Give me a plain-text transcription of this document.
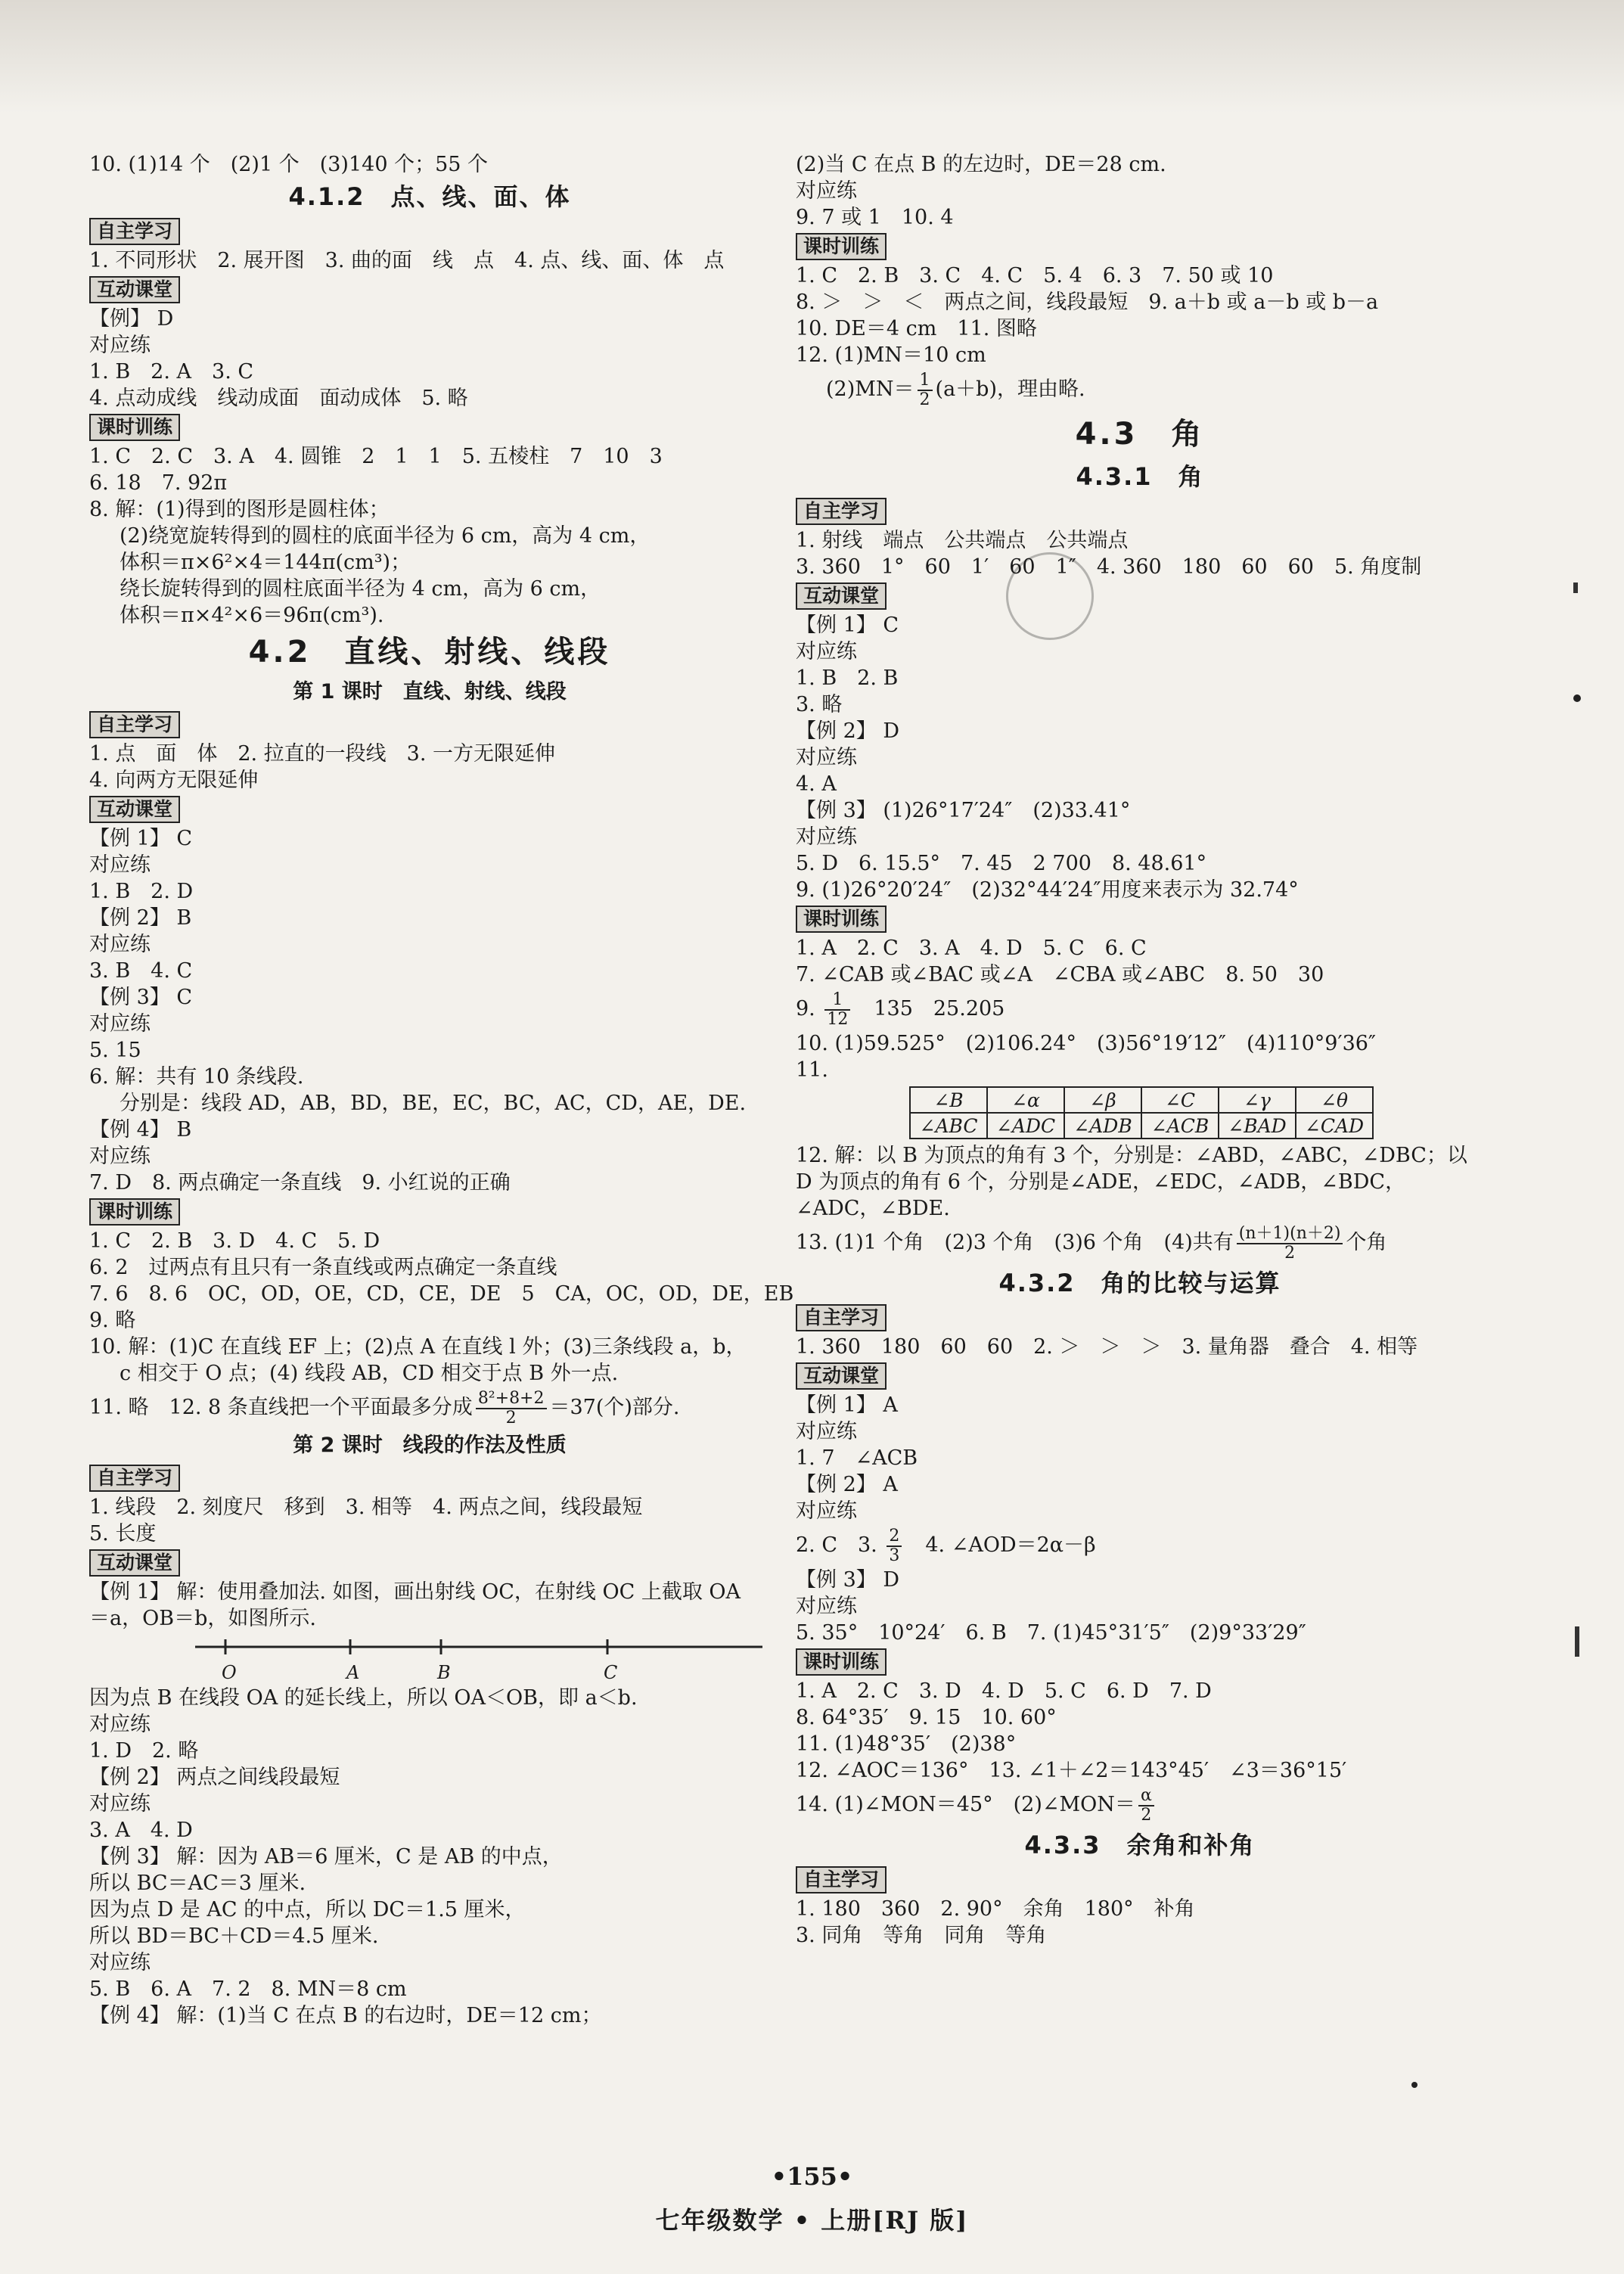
10. (1)14 个　(2)1 个　(3)140 个；55 个
4.1.2　点、线、面、体
自主学习
1. 不同形状　2. 展开图　3. 曲的面　线　点　4. 点、线、面、体　点
互动课堂
【例】 D
对应练
1. B　2. A　3. C
4. 点动成线　线动成面　面动成体　5. 略
课时训练
1. C　2. C　3. A　4. 圆锥　2　1　1　5. 五棱柱　7　10　3
6. 18　7. 92π
8. 解：(1)得到的图形是圆柱体；
(2)绕宽旋转得到的圆柱的底面半径为 6 cm，高为 4 cm，
体积＝π×6²×4＝144π(cm³)；
绕长旋转得到的圆柱底面半径为 4 cm，高为 6 cm，
体积＝π×4²×6＝96π(cm³).
4.2　直线、射线、线段
第 1 课时　直线、射线、线段
自主学习
1. 点　面　体　2. 拉直的一段线　3. 一方无限延伸
4. 向两方无限延伸
互动课堂
【例 1】 C
对应练
1. B　2. D
【例 2】 B
对应练
3. B　4. C
【例 3】 C
对应练
5. 15
6. 解：共有 10 条线段.
分别是：线段 AD，AB，BD，BE，EC，BC，AC，CD，AE，DE.
【例 4】 B
对应练
7. D　8. 两点确定一条直线　9. 小红说的正确
课时训练
1. C　2. B　3. D　4. C　5. D
6. 2　过两点有且只有一条直线或两点确定一条直线
7. 6　8. 6　OC，OD，OE，CD，CE，DE　5　CA，OC，OD，DE，EB
9. 略
10. 解：(1)C 在直线 EF 上；(2)点 A 在直线 l 外；(3)三条线段 a，b，
c 相交于 O 点；(4) 线段 AB，CD 相交于点 B 外一点.
11. 略　12. 8 条直线把一个平面最多分成 $\frac{\text{8²+8+2}}{2} =37$(个)部分.
第 2 课时　线段的作法及性质
自主学习
1. 线段　2. 刻度尺　移到　3. 相等　4. 两点之间，线段最短
5. 长度
互动课堂
【例 1】 解：使用叠加法. 如图，画出射线 OC，在射线 OC 上截取 OA
＝a，OB＝b，如图所示.
O	A	B	C
因为点 B 在线段 OA 的延长线上，所以 OA＜OB，即 a＜b.
对应练
1. D　2. 略
【例 2】 两点之间线段最短
对应练
3. A　4. D
【例 3】 解：因为 AB＝6 厘米，C 是 AB 的中点，
所以 BC＝AC＝3 厘米.
因为点 D 是 AC 的中点，所以 DC＝1.5 厘米，
所以 BD＝BC＋CD＝4.5 厘米.
对应练
5. B　6. A　7. 2　8. MN＝8 cm
【例 4】 解：(1)当 C 在点 B 的右边时，DE＝12 cm；
(2)当 C 在点 B 的左边时，DE＝28 cm.
对应练
9. 7 或 1　10. 4
课时训练
1. C　2. B　3. C　4. C　5. 4　6. 3　7. 50 或 10
8. ＞　＞　＜　两点之间，线段最短　9. a＋b 或 a－b 或 b－a
10. DE＝4 cm　11. 图略
12. (1)MN＝10 cm
$(2)MN= \frac{1}{2} (a+b)$，理由略.
4.3　角
4.3.1　角
自主学习
1. 射线　端点　公共端点　公共端点
3. 360　1°　60　1′　60　1″　4. 360　180　60　60　5. 角度制
互动课堂
【例 1】 C
对应练
1. B　2. B
3. 略
【例 2】 D
对应练
4. A
【例 3】 (1)26°17′24″　(2)33.41°
对应练
5. D　6. 15.5°　7. 45　2 700　8. 48.61°
9. (1)26°20′24″　(2)32°44′24″用度来表示为 32.74°
课时训练
1. A　2. C　3. A　4. D　5. C　6. C
7. ∠CAB 或∠BAC 或∠A　∠CBA 或∠ABC　8. 50　30
9. $\frac{1}{12}$ 　135　25.205
10. (1)59.525°　(2)106.24°　(3)56°19′12″　(4)110°9′36″
11.
∠B	∠α	∠β	∠C	∠γ	∠θ
∠ABC	∠ADC	∠ADB	∠ACB	∠BAD	∠CAD
12. 解：以 B 为顶点的角有 3 个，分别是：∠ABD，∠ABC，∠DBC；以
D 为顶点的角有 6 个，分别是∠ADE，∠EDC，∠ADB，∠BDC，
∠ADC，∠BDE.
13. (1)1 个角　(2)3 个角　(3)6 个角　(4)共有 $\frac{(n+1)(n+2)}{2}$ 个角
4.3.2　角的比较与运算
自主学习
1. 360　180　60　60　2. ＞　＞　＞　3. 量角器　叠合　4. 相等
互动课堂
【例 1】 A
对应练
1. 7　∠ACB
【例 2】 A
对应练
2. C　3. $\frac{2}{3}$ 　4. ∠AOD＝2α－β
【例 3】 D
对应练
5. 35°　10°24′　6. B　7. (1)45°31′5″　(2)9°33′29″
课时训练
1. A　2. C　3. D　4. D　5. C　6. D　7. D
8. 64°35′　9. 15　10. 60°
11. (1)48°35′　(2)38°
12. ∠AOC＝136°　13. ∠1＋∠2＝143°45′　∠3＝36°15′
14. (1)∠MON＝45°　(2)∠MON＝ $\frac{\alpha}{2}$
4.3.3　余角和补角
自主学习
1. 180　360　2. 90°　余角　180°　补角
3. 同角　等角　同角　等角
•155•
七年级数学 • 上册[RJ 版]
